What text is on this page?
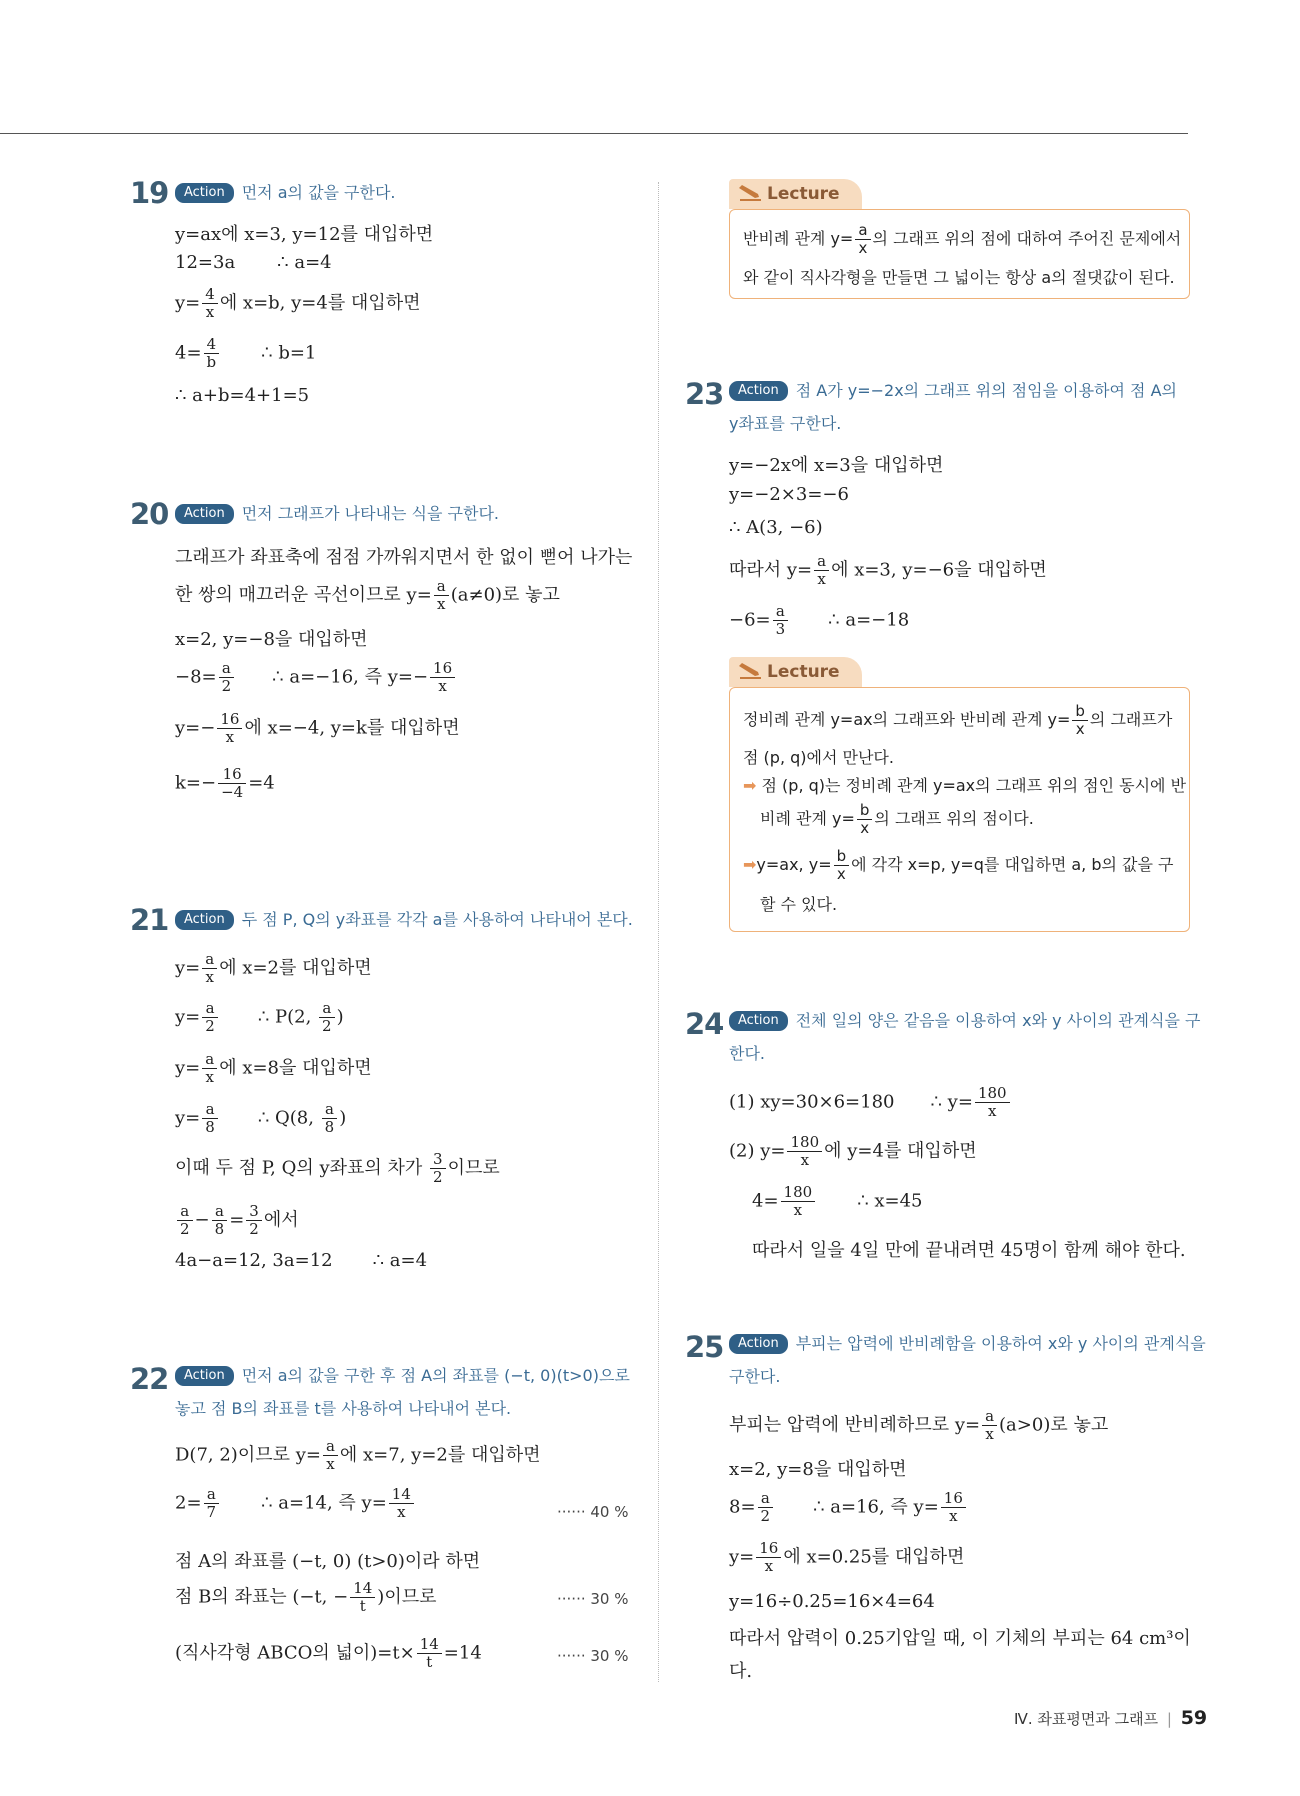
19	Action	먼저 a의 값을 구한다.
y=ax에 x=3, y=12를 대입하면
12=3a ∴ a=4
$y= \frac{4}{x}$ 에 x=b, y=4를 대입하면
$4= \frac{4}{b}$ ∴ b=1
∴ a+b=4+1=5
20	Action	먼저 그래프가 나타내는 식을 구한다.
그래프가 좌표축에 점점 가까워지면서 한 없이 뻗어 나가는
한 쌍의 매끄러운 곡선이므로 $y= \frac{a}{x} (a\ne 0)$로 놓고
x=2, y=−8을 대입하면
$-8= \frac{a}{2}$ ∴ a=−16, 즉 $y=- \frac{16}{x}$
$y=- \frac{16}{x}$ 에 x=−4, y=k를 대입하면
$k=- \frac{16}{-4} =4$
21	Action	두 점 P, Q의 y좌표를 각각 a를 사용하여 나타내어 본다.
$y= \frac{a}{x}$ 에 x=2를 대입하면
$y= \frac{a}{2}$ ∴ P(2, $\frac{a}{2}$ )
$y= \frac{a}{x}$ 에 x=8을 대입하면
$y= \frac{a}{8}$ ∴ Q(8, $\frac{a}{8}$ )
이때 두 점 P, Q의 y좌표의 차가 $\frac{3}{2}$ 이므로
$\frac{a}{2} - \frac{a}{8} = \frac{3}{2}$ 에서
4a−a=12, 3a=12 ∴ a=4
22	Action	먼저 a의 값을 구한 후 점 A의 좌표를 (−t, 0)(t>0)으로
놓고 점 B의 좌표를 t를 사용하여 나타내어 본다.
D(7, 2)이므로 $y= \frac{a}{x}$ 에 x=7, y=2를 대입하면
$2= \frac{a}{7}$ ∴ a=14, 즉 $y= \frac{14}{x}$	······ 40 %
점 A의 좌표를 (−t, 0) (t>0)이라 하면
점 B의 좌표는 (−t, − $\frac{14}{t}$ )이므로	······ 30 %
(직사각형 ABCO의 넓이)$=t\times \frac{14}{t} =14$	······ 30 %
Lecture
반비례 관계 $y= \frac{a}{x}$ 의 그래프 위의 점에 대하여 주어진 문제에서
와 같이 직사각형을 만들면 그 넓이는 항상 a의 절댓값이 된다.
23	Action	점 A가 y=−2x의 그래프 위의 점임을 이용하여 점 A의
y좌표를 구한다.
y=−2x에 x=3을 대입하면
y=−2×3=−6
∴ A(3, −6)
따라서 $y= \frac{a}{x}$ 에 x=3, y=−6을 대입하면
$-6= \frac{a}{3}$ ∴ a=−18
Lecture
정비례 관계 y=ax의 그래프와 반비례 관계 $y= \frac{b}{x}$ 의 그래프가
점 (p, q)에서 만난다.
➡ 점 (p, q)는 정비례 관계 y=ax의 그래프 위의 점인 동시에 반
비례 관계 $y= \frac{b}{x}$ 의 그래프 위의 점이다.
➡y=ax, $y= \frac{b}{x}$ 에 각각 x=p, y=q를 대입하면 a, b의 값을 구
할 수 있다.
24	Action	전체 일의 양은 같음을 이용하여 x와 y 사이의 관계식을 구
한다.
(1) xy=30×6=180 ∴ $y= \frac{180}{x}$
(2) $y= \frac{180}{x}$ 에 y=4를 대입하면
$4= \frac{180}{x}$ ∴ x=45
따라서 일을 4일 만에 끝내려면 45명이 함께 해야 한다.
25	Action	부피는 압력에 반비례함을 이용하여 x와 y 사이의 관계식을
구한다.
부피는 압력에 반비례하므로 $y= \frac{a}{x} (a>0)$로 놓고
x=2, y=8을 대입하면
$8= \frac{a}{2}$ ∴ a=16, 즉 $y= \frac{16}{x}$
$y= \frac{16}{x}$ 에 x=0.25를 대입하면
y=16÷0.25=16×4=64
따라서 압력이 0.25기압일 때, 이 기체의 부피는 64 cm³이
다.
Ⅳ. 좌표평면과 그래프 | 59
